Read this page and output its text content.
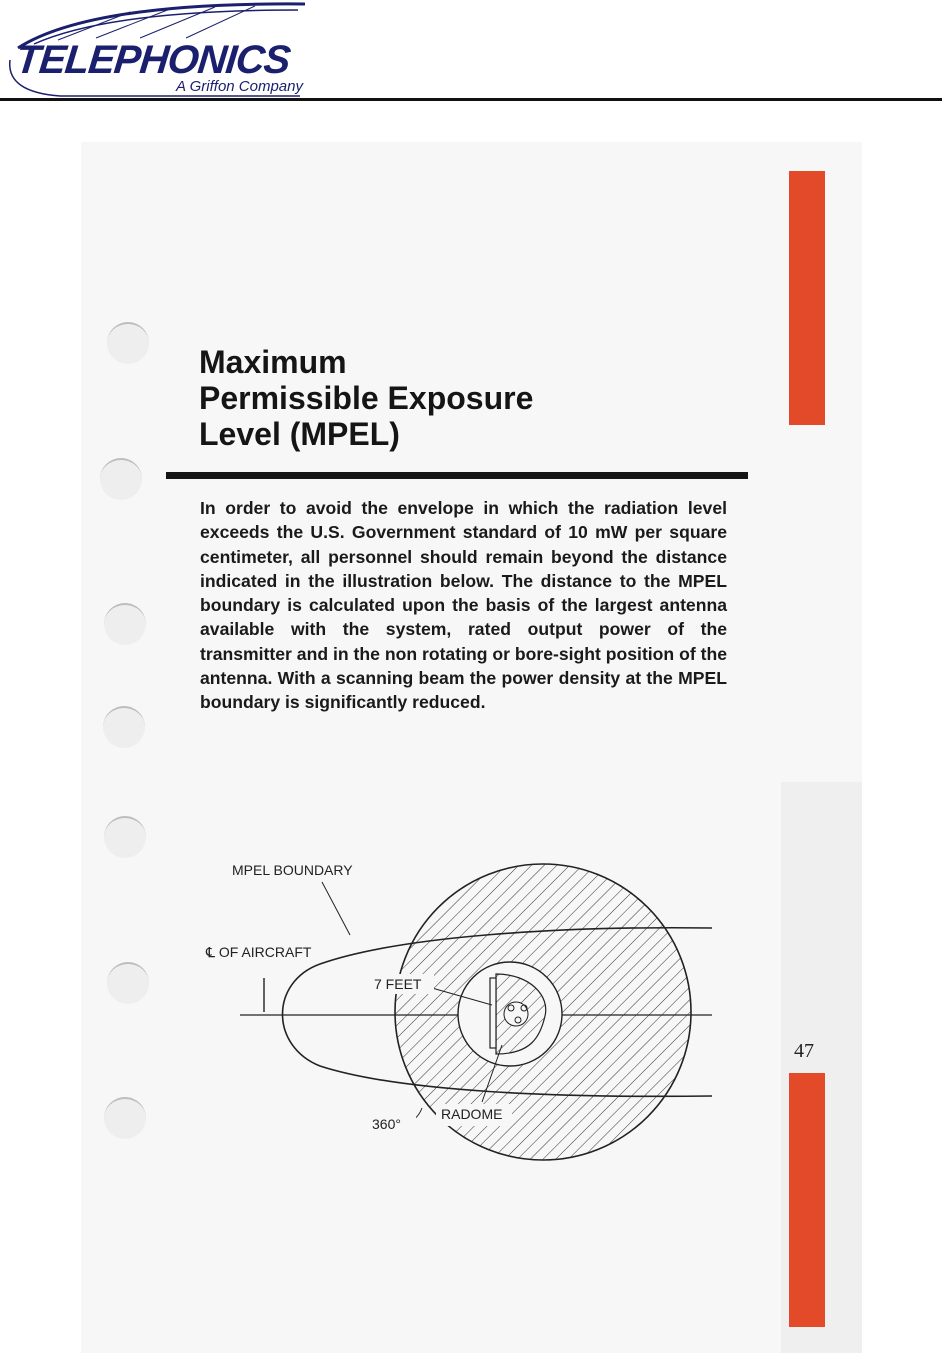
TELEPHONICS
A Griffon Company
Maximum
Permissible Exposure
Level (MPEL)

In order to avoid the envelope in which the radiation level exceeds the U.S. Government standard of 10 mW per square centimeter, all personnel should remain beyond the distance indicated in the illustration below. The distance to the MPEL boundary is calculated upon the basis of the largest antenna available with the system, rated output power of the transmitter and in the non rotating or bore-sight position of the antenna. With a scanning beam the power density at the MPEL boundary is significantly reduced.

47
MPEL BOUNDARY
℄ OF AIRCRAFT
7 FEET
RADOME
360°
